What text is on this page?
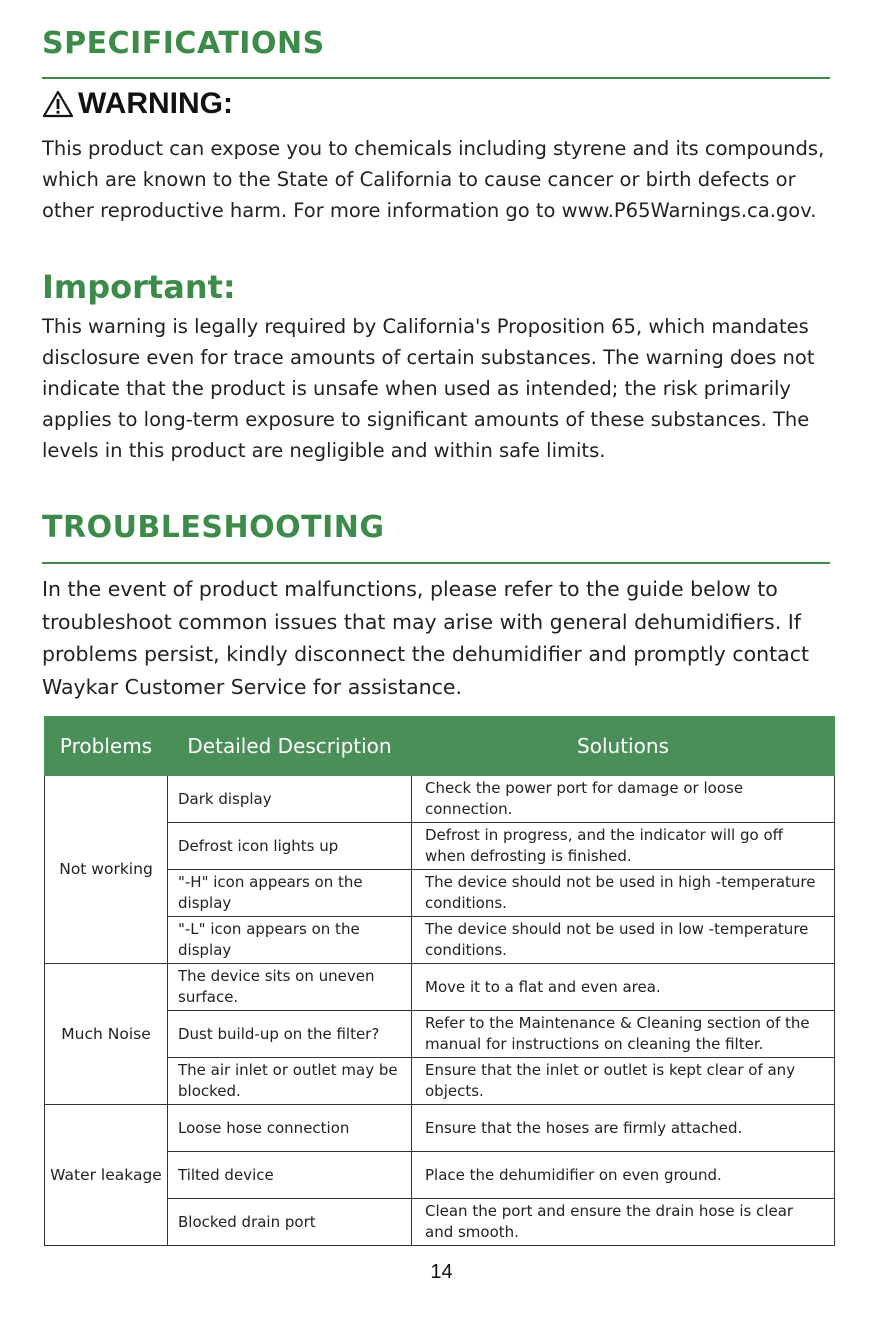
SPECIFICATIONS
WARNING:

This product can expose you to chemicals including styrene and its compounds, which are known to the State of California to cause cancer or birth defects or other reproductive harm. For more information go to www.P65Warnings.ca.gov.

Important:

This warning is legally required by California's Proposition 65, which mandates disclosure even for trace amounts of certain substances. The warning does not indicate that the product is unsafe when used as intended; the risk primarily applies to long-term exposure to significant amounts of these substances. The levels in this product are negligible and within safe limits.

TROUBLESHOOTING

In the event of product malfunctions, please refer to the guide below to troubleshoot common issues that may arise with general dehumidifiers. If problems persist, kindly disconnect the dehumidifier and promptly contact Waykar Customer Service for assistance.

Problems	Detailed Description	Solutions
Not working	Dark display	Check the power port for damage or loose connection.
	Defrost icon lights up	Defrost in progress, and the indicator will go off when defrosting is finished.
	"-H" icon appears on the display	The device should not be used in high -temperature conditions.
	"-L" icon appears on the display	The device should not be used in low -temperature conditions.
Much Noise	The device sits on uneven surface.	Move it to a flat and even area.
	Dust build-up on the filter?	Refer to the Maintenance & Cleaning section of the manual for instructions on cleaning the filter.
	The air inlet or outlet may be blocked.	Ensure that the inlet or outlet is kept clear of any objects.
Water leakage	Loose hose connection	Ensure that the hoses are firmly attached.
	Tilted device	Place the dehumidifier on even ground.
	Blocked drain port	Clean the port and ensure the drain hose is clear and smooth.
14
